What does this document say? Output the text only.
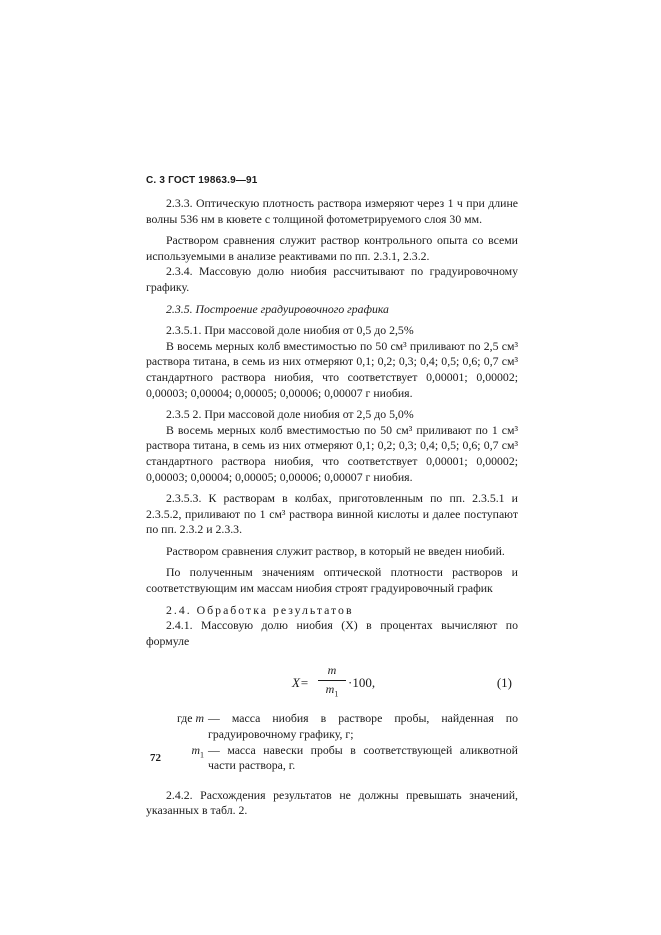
С. 3 ГОСТ 19863.9—91

2.3.3. Оптическую плотность раствора измеряют через 1 ч при длине волны 536 нм в кювете с толщиной фотометрируемого слоя 30 мм.

Раствором сравнения служит раствор контрольного опыта со всеми используемыми в анализе реактивами по пп. 2.3.1, 2.3.2.

2.3.4. Массовую долю ниобия рассчитывают по градуировочному графику.

2.3.5. Построение градуировочного графика

2.3.5.1. При массовой доле ниобия от 0,5 до 2,5%

В восемь мерных колб вместимостью по 50 см³ приливают по 2,5 см³ раствора титана, в семь из них отмеряют 0,1; 0,2; 0,3; 0,4; 0,5; 0,6; 0,7 см³ стандартного раствора ниобия, что соответствует 0,00001; 0,00002; 0,00003; 0,00004; 0,00005; 0,00006; 0,00007 г ниобия.

2.3.5 2. При массовой доле ниобия от 2,5 до 5,0%

В восемь мерных колб вместимостью по 50 см³ приливают по 1 см³ раствора титана, в семь из них отмеряют 0,1; 0,2; 0,3; 0,4; 0,5; 0,6; 0,7 см³ стандартного раствора ниобия, что соответствует 0,00001; 0,00002; 0,00003; 0,00004; 0,00005; 0,00006; 0,00007 г ниобия.

2.3.5.3. К растворам в колбах, приготовленным по пп. 2.3.5.1 и 2.3.5.2, приливают по 1 см³ раствора винной кислоты и далее поступают по пп. 2.3.2 и 2.3.3.

Раствором сравнения служит раствор, в который не введен ниобий.

По полученным значениям оптической плотности растворов и соответствующим им массам ниобия строят градуировочный график

2.4. Обработка результатов

2.4.1. Массовую долю ниобия (X) в процентах вычисляют по формуле

$X= \frac{m}{m_1} \cdot 100$,	(1)
где m — масса ниобия в растворе пробы, найденная по градуировочному графику, г;
$m_1$ — масса навески пробы в соответствующей аликвотной части раствора, г.

2.4.2. Расхождения результатов не должны превышать значений, указанных в табл. 2.

72
